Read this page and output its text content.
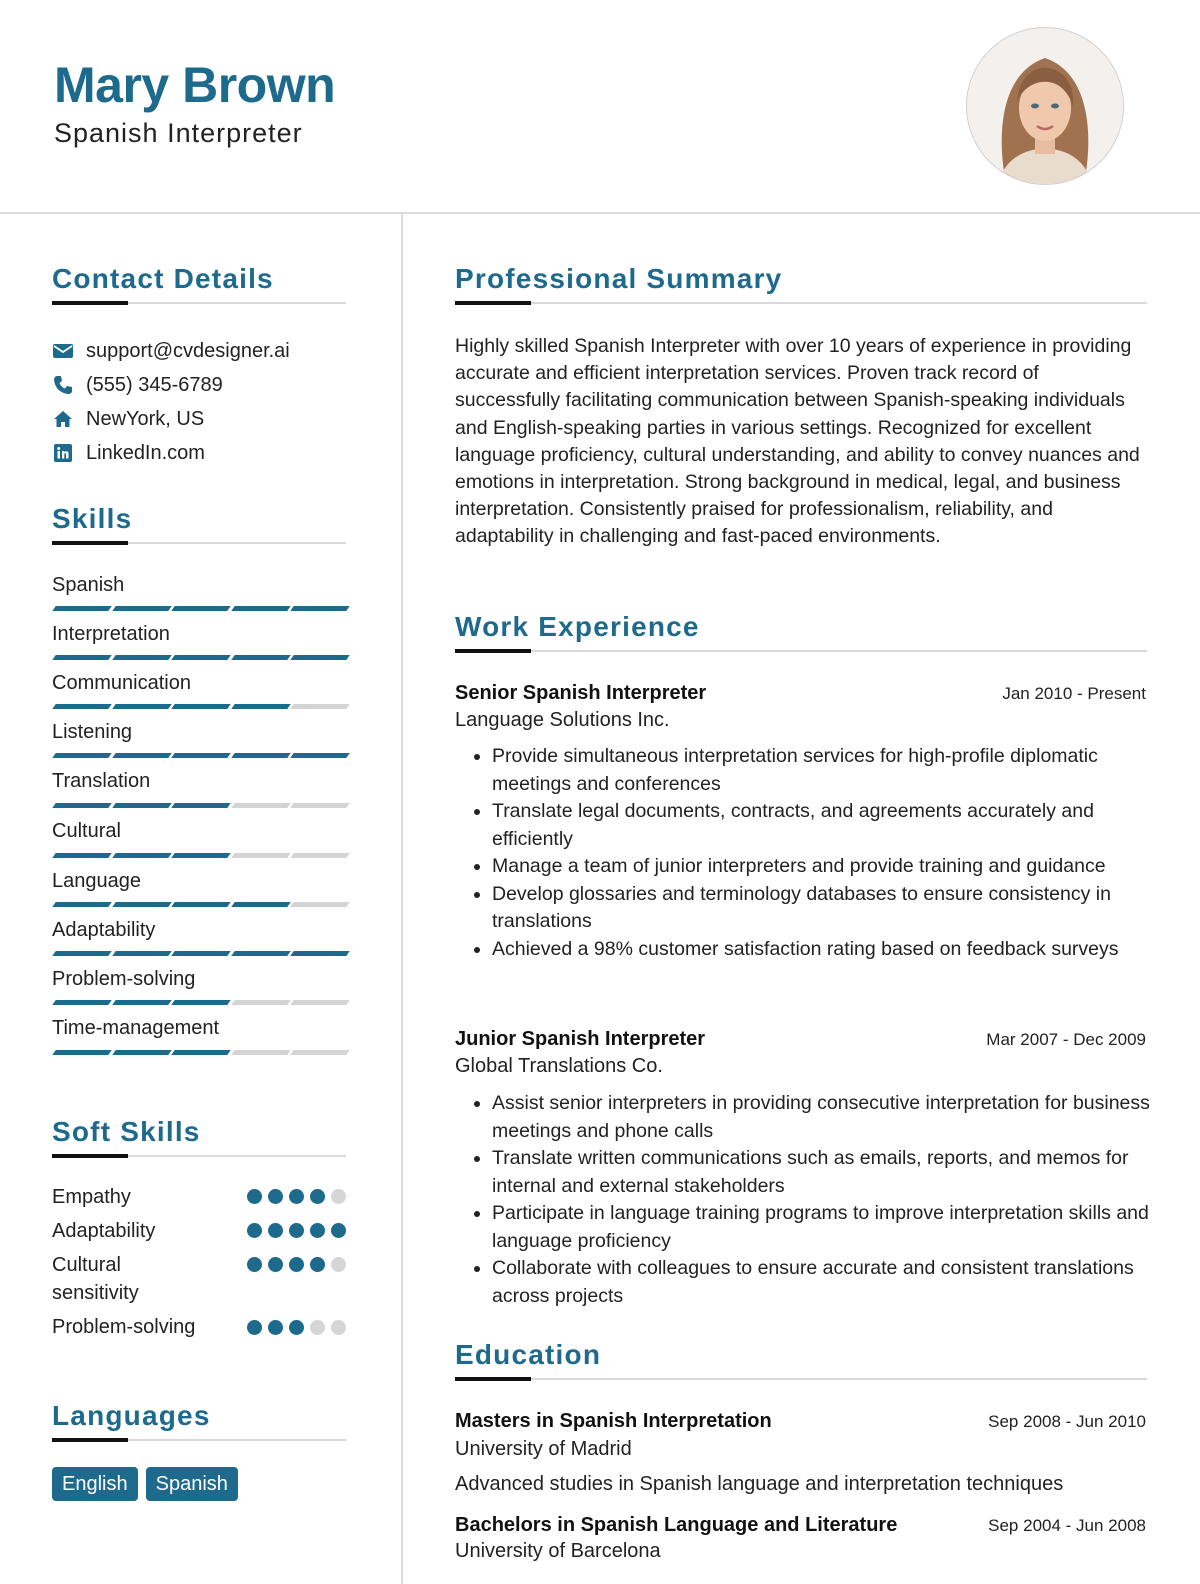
Mary Brown
Spanish Interpreter
Contact Details
support@cvdesigner.ai
(555) 345-6789
NewYork, US
LinkedIn.com
Skills
Spanish
Interpretation
Communication
Listening
Translation
Cultural
Language
Adaptability
Problem-solving
Time-management
Soft Skills
Empathy
Adaptability
Cultural sensitivity
Problem-solving
Languages
English	Spanish
Professional Summary
Highly skilled Spanish Interpreter with over 10 years of experience in providing accurate and efficient interpretation services. Proven track record of successfully facilitating communication between Spanish-speaking individuals and English-speaking parties in various settings. Recognized for excellent language proficiency, cultural understanding, and ability to convey nuances and emotions in interpretation. Strong background in medical, legal, and business interpretation. Consistently praised for professionalism, reliability, and adaptability in challenging and fast-paced environments.
Work Experience
Senior Spanish Interpreter	Jan 2010 - Present
Language Solutions Inc.
• Provide simultaneous interpretation services for high-profile diplomatic meetings and conferences
• Translate legal documents, contracts, and agreements accurately and efficiently
• Manage a team of junior interpreters and provide training and guidance
• Develop glossaries and terminology databases to ensure consistency in translations
• Achieved a 98% customer satisfaction rating based on feedback surveys
Junior Spanish Interpreter	Mar 2007 - Dec 2009
Global Translations Co.
• Assist senior interpreters in providing consecutive interpretation for business meetings and phone calls
• Translate written communications such as emails, reports, and memos for internal and external stakeholders
• Participate in language training programs to improve interpretation skills and language proficiency
• Collaborate with colleagues to ensure accurate and consistent translations across projects
Education
Masters in Spanish Interpretation	Sep 2008 - Jun 2010
University of Madrid
Advanced studies in Spanish language and interpretation techniques
Bachelors in Spanish Language and Literature	Sep 2004 - Jun 2008
University of Barcelona
